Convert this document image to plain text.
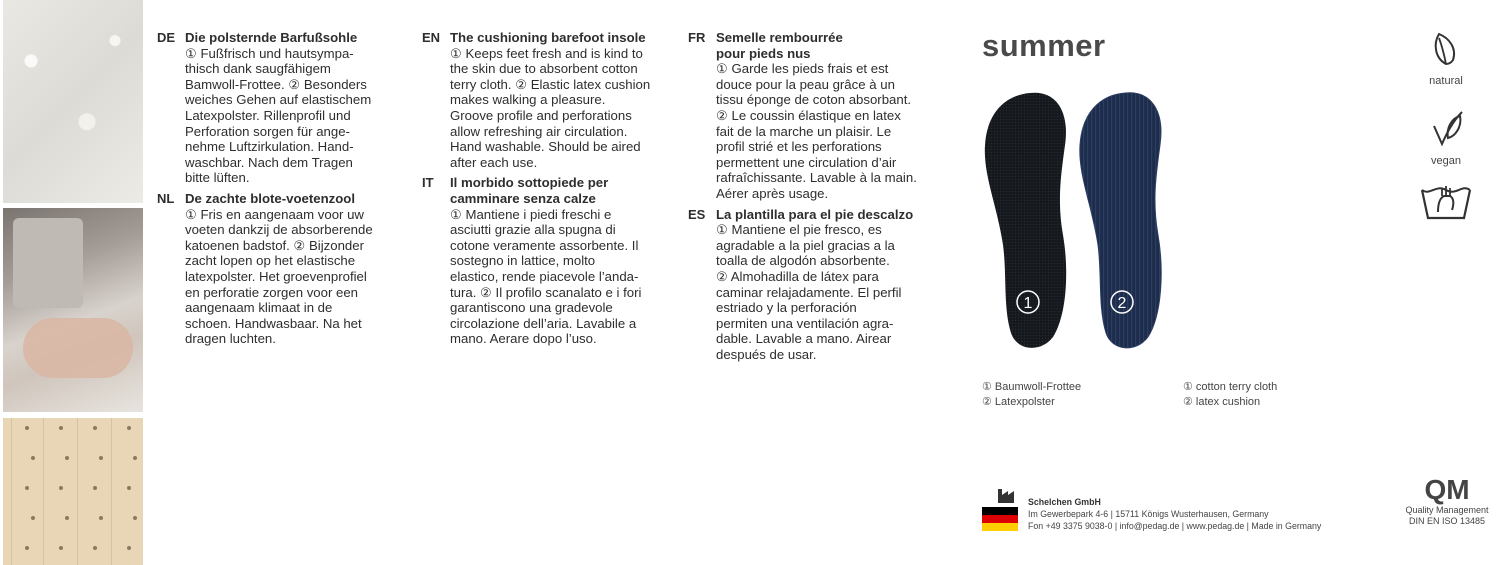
DE Die polsternde Barfußsohle
① Fußfrisch und hautsympa-
thisch dank saugfähigem
Bamwoll-Frottee. ② Besonders
weiches Gehen auf elastischem
Latexpolster. Rillenprofil und
Perforation sorgen für ange-
nehme Luftzirkulation. Hand-
waschbar. Nach dem Tragen
bitte lüften.
NL De zachte blote-voetenzool
① Fris en aangenaam voor uw
voeten dankzij de absorberende
katoenen badstof. ② Bijzonder
zacht lopen op het elastische
latexpolster. Het groevenprofiel
en perforatie zorgen voor een
aangenaam klimaat in de
schoen. Handwasbaar. Na het
dragen luchten.
EN The cushioning barefoot insole
① Keeps feet fresh and is kind to
the skin due to absorbent cotton
terry cloth. ② Elastic latex cushion
makes walking a pleasure.
Groove profile and perforations
allow refreshing air circulation.
Hand washable. Should be aired
after each use.
IT Il morbido sottopiede per
camminare senza calze
① Mantiene i piedi freschi e
asciutti grazie alla spugna di
cotone veramente assorbente. Il
sostegno in lattice, molto
elastico, rende piacevole l’anda-
tura. ② Il profilo scanalato e i fori
garantiscono una gradevole
circolazione dell’aria. Lavabile a
mano. Aerare dopo l’uso.
FR Semelle rembourrée
pour pieds nus
① Garde les pieds frais et est
douce pour la peau grâce à un
tissu éponge de coton absorbant.
② Le coussin élastique en latex
fait de la marche un plaisir. Le
profil strié et les perforations
permettent une circulation d’air
rafraîchissante. Lavable à la main.
Aérer après usage.
ES La plantilla para el pie descalzo
① Mantiene el pie fresco, es
agradable a la piel gracias a la
toalla de algodón absorbente.
② Almohadilla de látex para
caminar relajadamente. El perfil
estriado y la perforación
permiten una ventilación agra-
dable. Lavable a mano. Airear
después de usar.
summer
1	2
① Baumwoll-Frottee
② Latexpolster
① cotton terry cloth
② latex cushion
natural
vegan
Schelchen GmbH
Im Gewerbepark 4-6 | 15711 Königs Wusterhausen, Germany
Fon +49 3375 9038-0 | info@pedag.de | www.pedag.de | Made in Germany
QM
Quality Management
DIN EN ISO 13485
